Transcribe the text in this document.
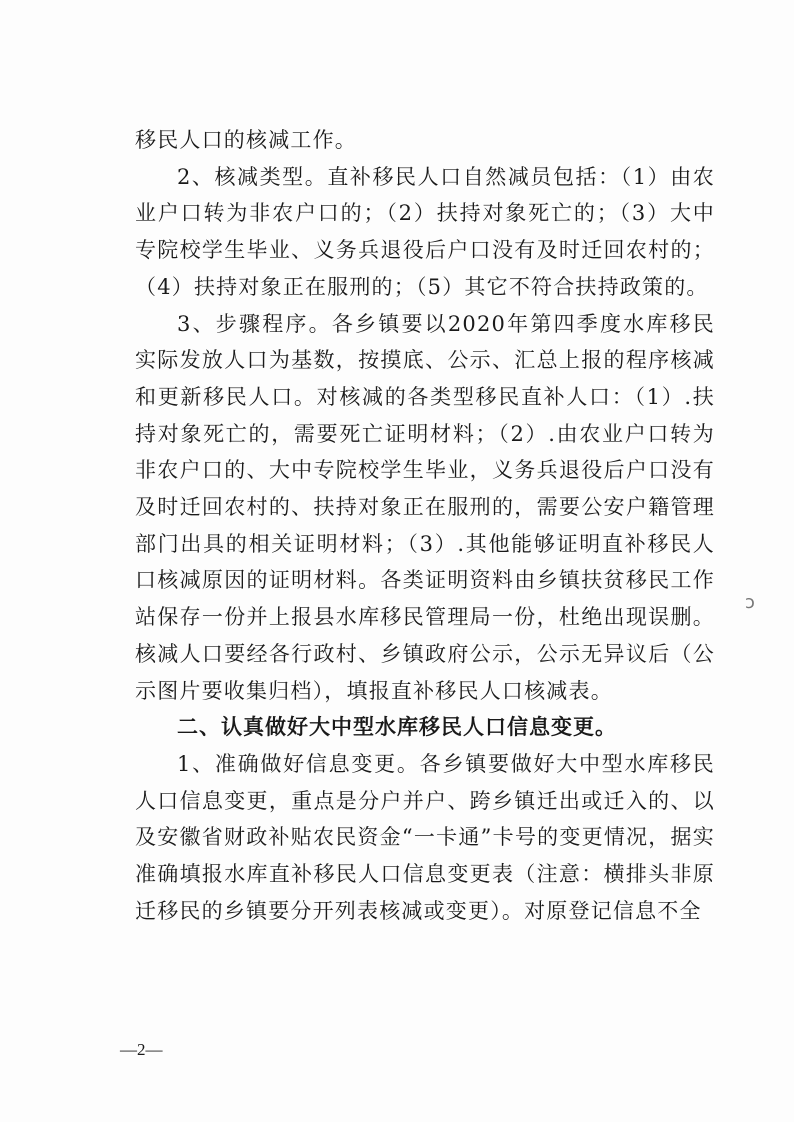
移民人口的核减工作。

2、核减类型。直补移民人口自然减员包括：（1）由农业户口转为非农户口的；（2）扶持对象死亡的；（3）大中专院校学生毕业、义务兵退役后户口没有及时迁回农村的；（4）扶持对象正在服刑的；（5）其它不符合扶持政策的。

3、步骤程序。各乡镇要以2020年第四季度水库移民实际发放人口为基数，按摸底、公示、汇总上报的程序核减和更新移民人口。对核减的各类型移民直补人口：（1）.扶持对象死亡的，需要死亡证明材料；（2）.由农业户口转为非农户口的、大中专院校学生毕业，义务兵退役后户口没有及时迁回农村的、扶持对象正在服刑的，需要公安户籍管理部门出具的相关证明材料；（3）.其他能够证明直补移民人口核减原因的证明材料。各类证明资料由乡镇扶贫移民工作站保存一份并上报县水库移民管理局一份，杜绝出现误删。核减人口要经各行政村、乡镇政府公示，公示无异议后（公示图片要收集归档），填报直补移民人口核减表。

二、认真做好大中型水库移民人口信息变更。

1、准确做好信息变更。各乡镇要做好大中型水库移民人口信息变更，重点是分户并户、跨乡镇迁出或迁入的、以及安徽省财政补贴农民资金“一卡通”卡号的变更情况，据实准确填报水库直补移民人口信息变更表（注意：横排头非原迁移民的乡镇要分开列表核减或变更）。对原登记信息不全

ɔ
—2—
